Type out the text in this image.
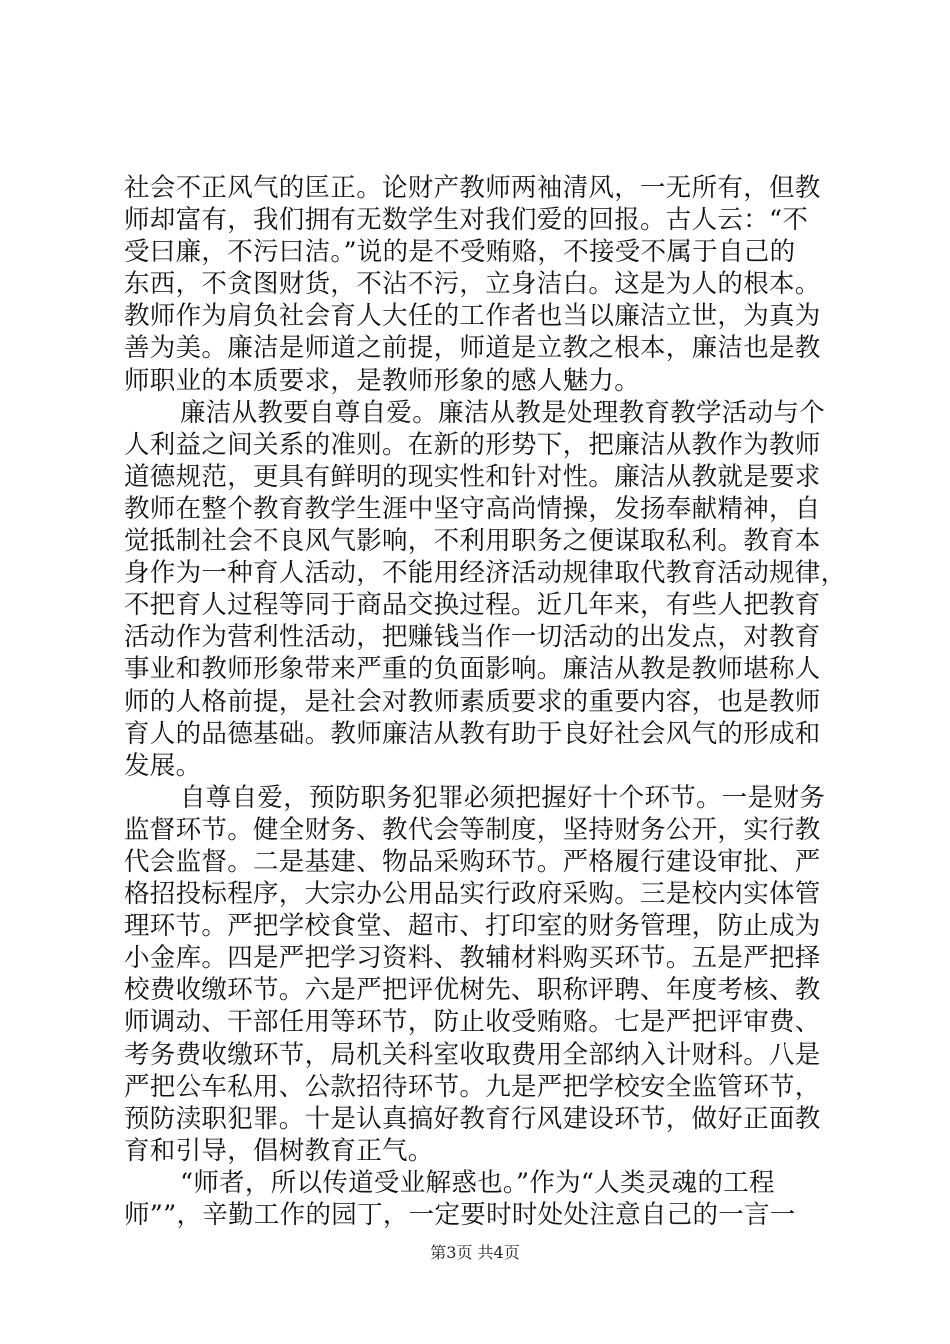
社会不正风气的匡正。论财产教师两袖清风，一无所有，但教
师却富有，我们拥有无数学生对我们爱的回报。古人云：“不
受曰廉，不污曰洁。”说的是不受贿赂，不接受不属于自己的
东西，不贪图财货，不沾不污，立身洁白。这是为人的根本。
教师作为肩负社会育人大任的工作者也当以廉洁立世，为真为
善为美。廉洁是师道之前提，师道是立教之根本，廉洁也是教
师职业的本质要求，是教师形象的感人魅力。
廉洁从教要自尊自爱。廉洁从教是处理教育教学活动与个
人利益之间关系的准则。在新的形势下，把廉洁从教作为教师
道德规范，更具有鲜明的现实性和针对性。廉洁从教就是要求
教师在整个教育教学生涯中坚守高尚情操，发扬奉献精神，自
觉抵制社会不良风气影响，不利用职务之便谋取私利。教育本
身作为一种育人活动，不能用经济活动规律取代教育活动规律，
不把育人过程等同于商品交换过程。近几年来，有些人把教育
活动作为营利性活动，把赚钱当作一切活动的出发点，对教育
事业和教师形象带来严重的负面影响。廉洁从教是教师堪称人
师的人格前提，是社会对教师素质要求的重要内容，也是教师
育人的品德基础。教师廉洁从教有助于良好社会风气的形成和
发展。
自尊自爱，预防职务犯罪必须把握好十个环节。一是财务
监督环节。健全财务、教代会等制度，坚持财务公开，实行教
代会监督。二是基建、物品采购环节。严格履行建设审批、严
格招投标程序，大宗办公用品实行政府采购。三是校内实体管
理环节。严把学校食堂、超市、打印室的财务管理，防止成为
小金库。四是严把学习资料、教辅材料购买环节。五是严把择
校费收缴环节。六是严把评优树先、职称评聘、年度考核、教
师调动、干部任用等环节，防止收受贿赂。七是严把评审费、
考务费收缴环节，局机关科室收取费用全部纳入计财科。八是
严把公车私用、公款招待环节。九是严把学校安全监管环节，
预防渎职犯罪。十是认真搞好教育行风建设环节，做好正面教
育和引导，倡树教育正气。
“师者，所以传道受业解惑也。”作为“人类灵魂的工程
师””，辛勤工作的园丁，一定要时时处处注意自己的一言一
第3页 共4页
